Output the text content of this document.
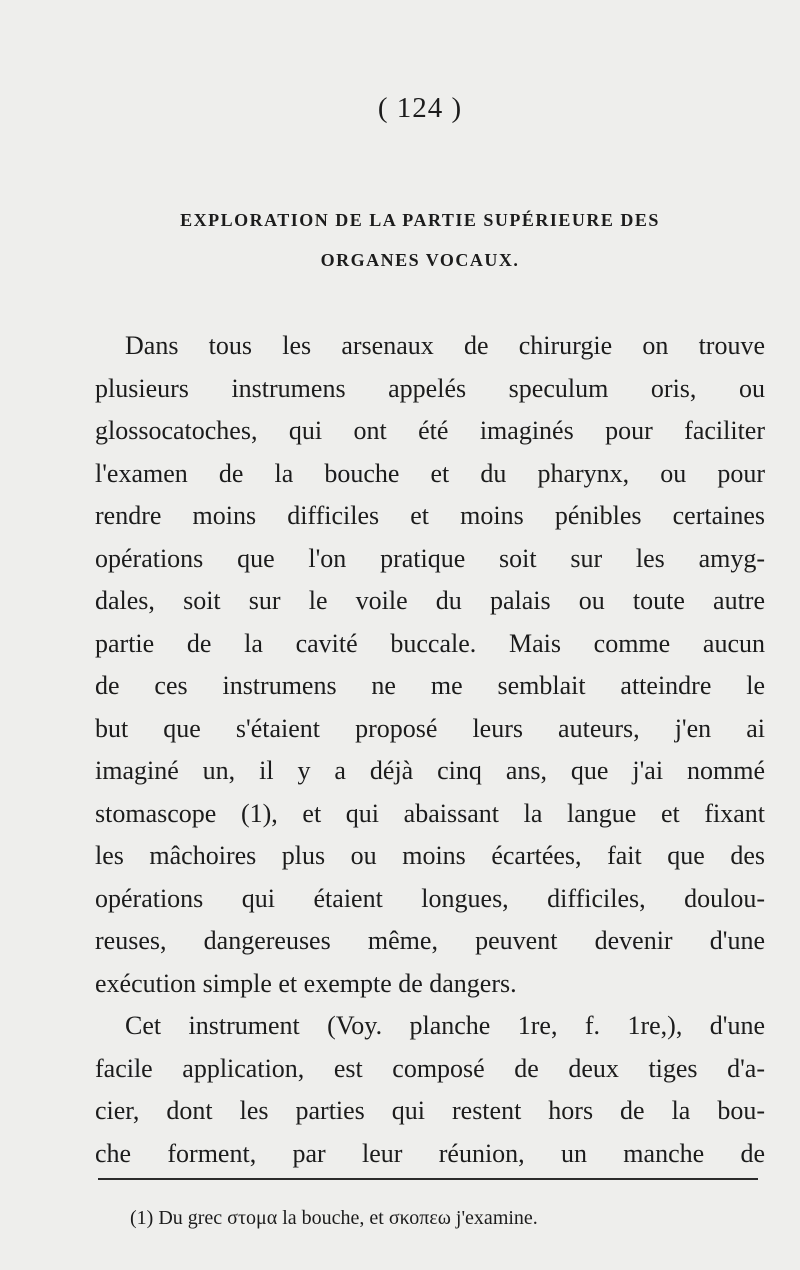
( 124 )
EXPLORATION DE LA PARTIE SUPÉRIEURE DES
ORGANES VOCAUX.
Dans tous les arsenaux de chirurgie on trouve
plusieurs instrumens appelés speculum oris, ou
glossocatoches, qui ont été imaginés pour faciliter
l'examen de la bouche et du pharynx, ou pour
rendre moins difficiles et moins pénibles certaines
opérations que l'on pratique soit sur les amyg-
dales, soit sur le voile du palais ou toute autre
partie de la cavité buccale. Mais comme aucun
de ces instrumens ne me semblait atteindre le
but que s'étaient proposé leurs auteurs, j'en ai
imaginé un, il y a déjà cinq ans, que j'ai nommé
stomascope (1), et qui abaissant la langue et fixant
les mâchoires plus ou moins écartées, fait que des
opérations qui étaient longues, difficiles, doulou-
reuses, dangereuses même, peuvent devenir d'une
exécution simple et exempte de dangers.
Cet instrument (Voy. planche 1re, f. 1re,), d'une
facile application, est composé de deux tiges d'a-
cier, dont les parties qui restent hors de la bou-
che forment, par leur réunion, un manche de
(1) Du grec στομα la bouche, et σκοπεω j'examine.
